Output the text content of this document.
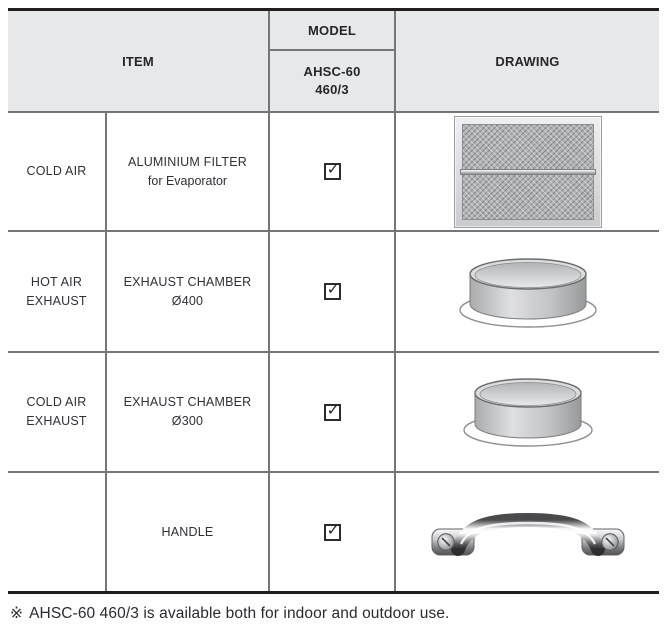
ITEM
MODEL
AHSC-60
460/3
DRAWING
COLD AIR
ALUMINIUM FILTER
for Evaporator
✓
HOT AIR
EXHAUST
EXHAUST CHAMBER
Ø400
✓
COLD AIR
EXHAUST
EXHAUST CHAMBER
Ø300
✓
HANDLE	✓
※ AHSC-60 460/3 is available both for indoor and outdoor use.
